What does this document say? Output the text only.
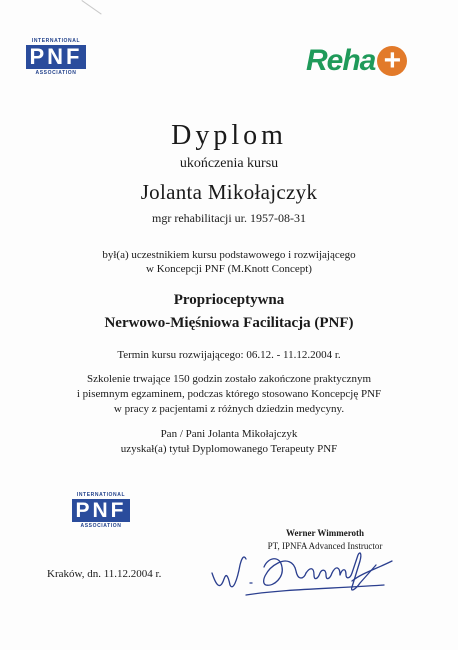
INTERNATIONAL
PNF
ASSOCIATION	Reha +
Dyplom
ukończenia kursu
Jolanta Mikołajczyk
mgr rehabilitacji ur. 1957-08-31
był(a) uczestnikiem kursu podstawowego i rozwijającego
w Koncepcji PNF (M.Knott Concept)
Proprioceptywna
Nerwowo-Mięśniowa Facilitacja (PNF)
Termin kursu rozwijającego: 06.12. - 11.12.2004 r.
Szkolenie trwające 150 godzin zostało zakończone praktycznym
i pisemnym egzaminem, podczas którego stosowano Koncepcję PNF
w pracy z pacjentami z różnych dziedzin medycyny.
Pan / Pani Jolanta Mikołajczyk
uzyskał(a) tytuł Dyplomowanego Terapeuty PNF
INTERNATIONAL
PNF
ASSOCIATION
Werner Wimmeroth
PT, IPNFA Advanced Instructor
Kraków, dn. 11.12.2004 r.
